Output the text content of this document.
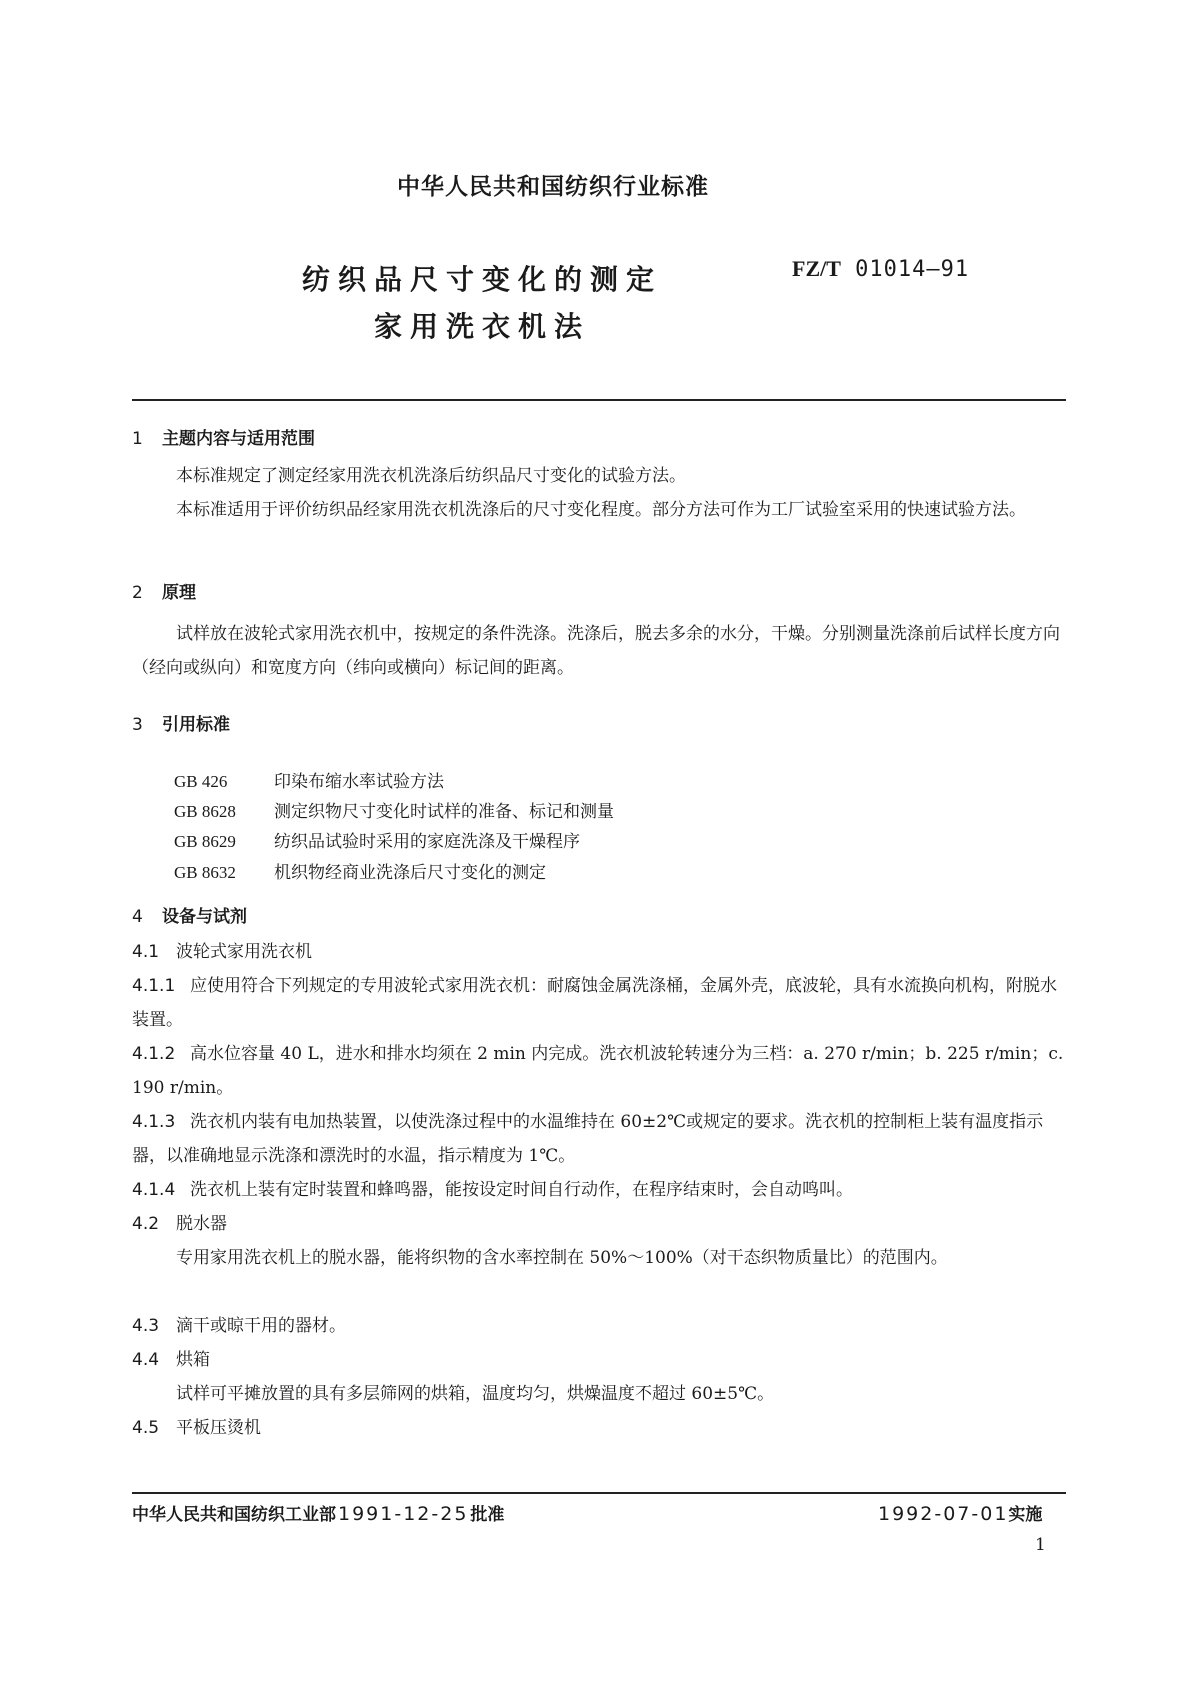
中华人民共和国纺织行业标准
纺织品尺寸变化的测定
家用洗衣机法
FZ/T 01014—91
1 主题内容与适用范围
本标准规定了测定经家用洗衣机洗涤后纺织品尺寸变化的试验方法。
本标准适用于评价纺织品经家用洗衣机洗涤后的尺寸变化程度。部分方法可作为工厂试验室采用的快速试验方法。
2 原理
试样放在波轮式家用洗衣机中，按规定的条件洗涤。洗涤后，脱去多余的水分，干燥。分别测量洗涤前后试样长度方向（经向或纵向）和宽度方向（纬向或横向）标记间的距离。
3 引用标准
GB 426	印染布缩水率试验方法
GB 8628 测定织物尺寸变化时试样的准备、标记和测量
GB 8629 纺织品试验时采用的家庭洗涤及干燥程序
GB 8632 机织物经商业洗涤后尺寸变化的测定
4 设备与试剂
4.1 波轮式家用洗衣机
4.1.1 应使用符合下列规定的专用波轮式家用洗衣机：耐腐蚀金属洗涤桶，金属外壳，底波轮，具有水流换向机构，附脱水装置。
4.1.2 高水位容量 40 L，进水和排水均须在 2 min 内完成。洗衣机波轮转速分为三档：a. 270 r/min；b. 225 r/min；c. 190 r/min。
4.1.3 洗衣机内装有电加热装置，以使洗涤过程中的水温维持在 60±2℃或规定的要求。洗衣机的控制柜上装有温度指示器，以准确地显示洗涤和漂洗时的水温，指示精度为 1℃。
4.1.4 洗衣机上装有定时装置和蜂鸣器，能按设定时间自行动作，在程序结束时，会自动鸣叫。
4.2 脱水器
专用家用洗衣机上的脱水器，能将织物的含水率控制在 50%～100%（对干态织物质量比）的范围内。
4.3 滴干或晾干用的器材。
4.4 烘箱
试样可平摊放置的具有多层筛网的烘箱，温度均匀，烘燥温度不超过 60±5℃。
4.5 平板压烫机
中华人民共和国纺织工业部 1991-12-25 批准	1992-07-01实施
1
